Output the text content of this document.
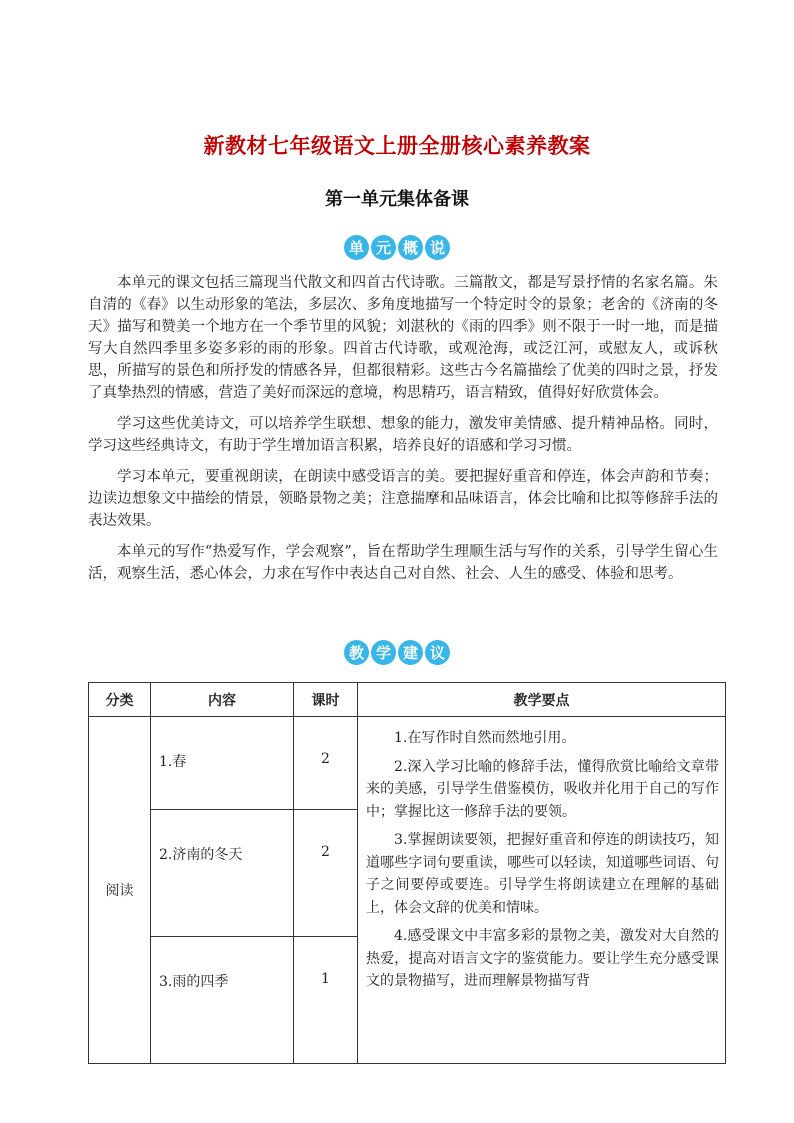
新教材七年级语文上册全册核心素养教案
第一单元集体备课
单 元 概 说

本单元的课文包括三篇现当代散文和四首古代诗歌。三篇散文，都是写景抒情的名家名篇。朱自清的《春》以生动形象的笔法，多层次、多角度地描写一个特定时令的景象；老舍的《济南的冬天》描写和赞美一个地方在一个季节里的风貌；刘湛秋的《雨的四季》则不限于一时一地，而是描写大自然四季里多姿多彩的雨的形象。四首古代诗歌，或观沧海，或泛江河，或慰友人，或诉秋思，所描写的景色和所抒发的情感各异，但都很精彩。这些古今名篇描绘了优美的四时之景，抒发了真挚热烈的情感，营造了美好而深远的意境，构思精巧，语言精致，值得好好欣赏体会。

学习这些优美诗文，可以培养学生联想、想象的能力，激发审美情感、提升精神品格。同时，学习这些经典诗文，有助于学生增加语言积累，培养良好的语感和学习习惯。

学习本单元，要重视朗读，在朗读中感受语言的美。要把握好重音和停连，体会声韵和节奏；边读边想象文中描绘的情景，领略景物之美；注意揣摩和品味语言，体会比喻和比拟等修辞手法的表达效果。

本单元的写作“热爱写作，学会观察”，旨在帮助学生理顺生活与写作的关系，引导学生留心生活，观察生活，悉心体会，力求在写作中表达自己对自然、社会、人生的感受、体验和思考。

教 学 建 议
分类	内容	课时	教学要点
阅读	1.春	2	1.在写作时自然而然地引用。

2.深入学习比喻的修辞手法，懂得欣赏比喻给文章带来的美感，引导学生借鉴模仿，吸收并化用于自己的写作中；掌握比这一修辞手法的要领。

3.掌握朗读要领，把握好重音和停连的朗读技巧，知道哪些字词句要重读，哪些可以轻读，知道哪些词语、句子之间要停或要连。引导学生将朗读建立在理解的基础上，体会文辞的优美和情味。

4.感受课文中丰富多彩的景物之美，激发对大自然的热爱，提高对语言文字的鉴赏能力。要让学生充分感受课文的景物描写，进而理解景物描写背

	2.济南的冬天	2	
	3.雨的四季	1	
